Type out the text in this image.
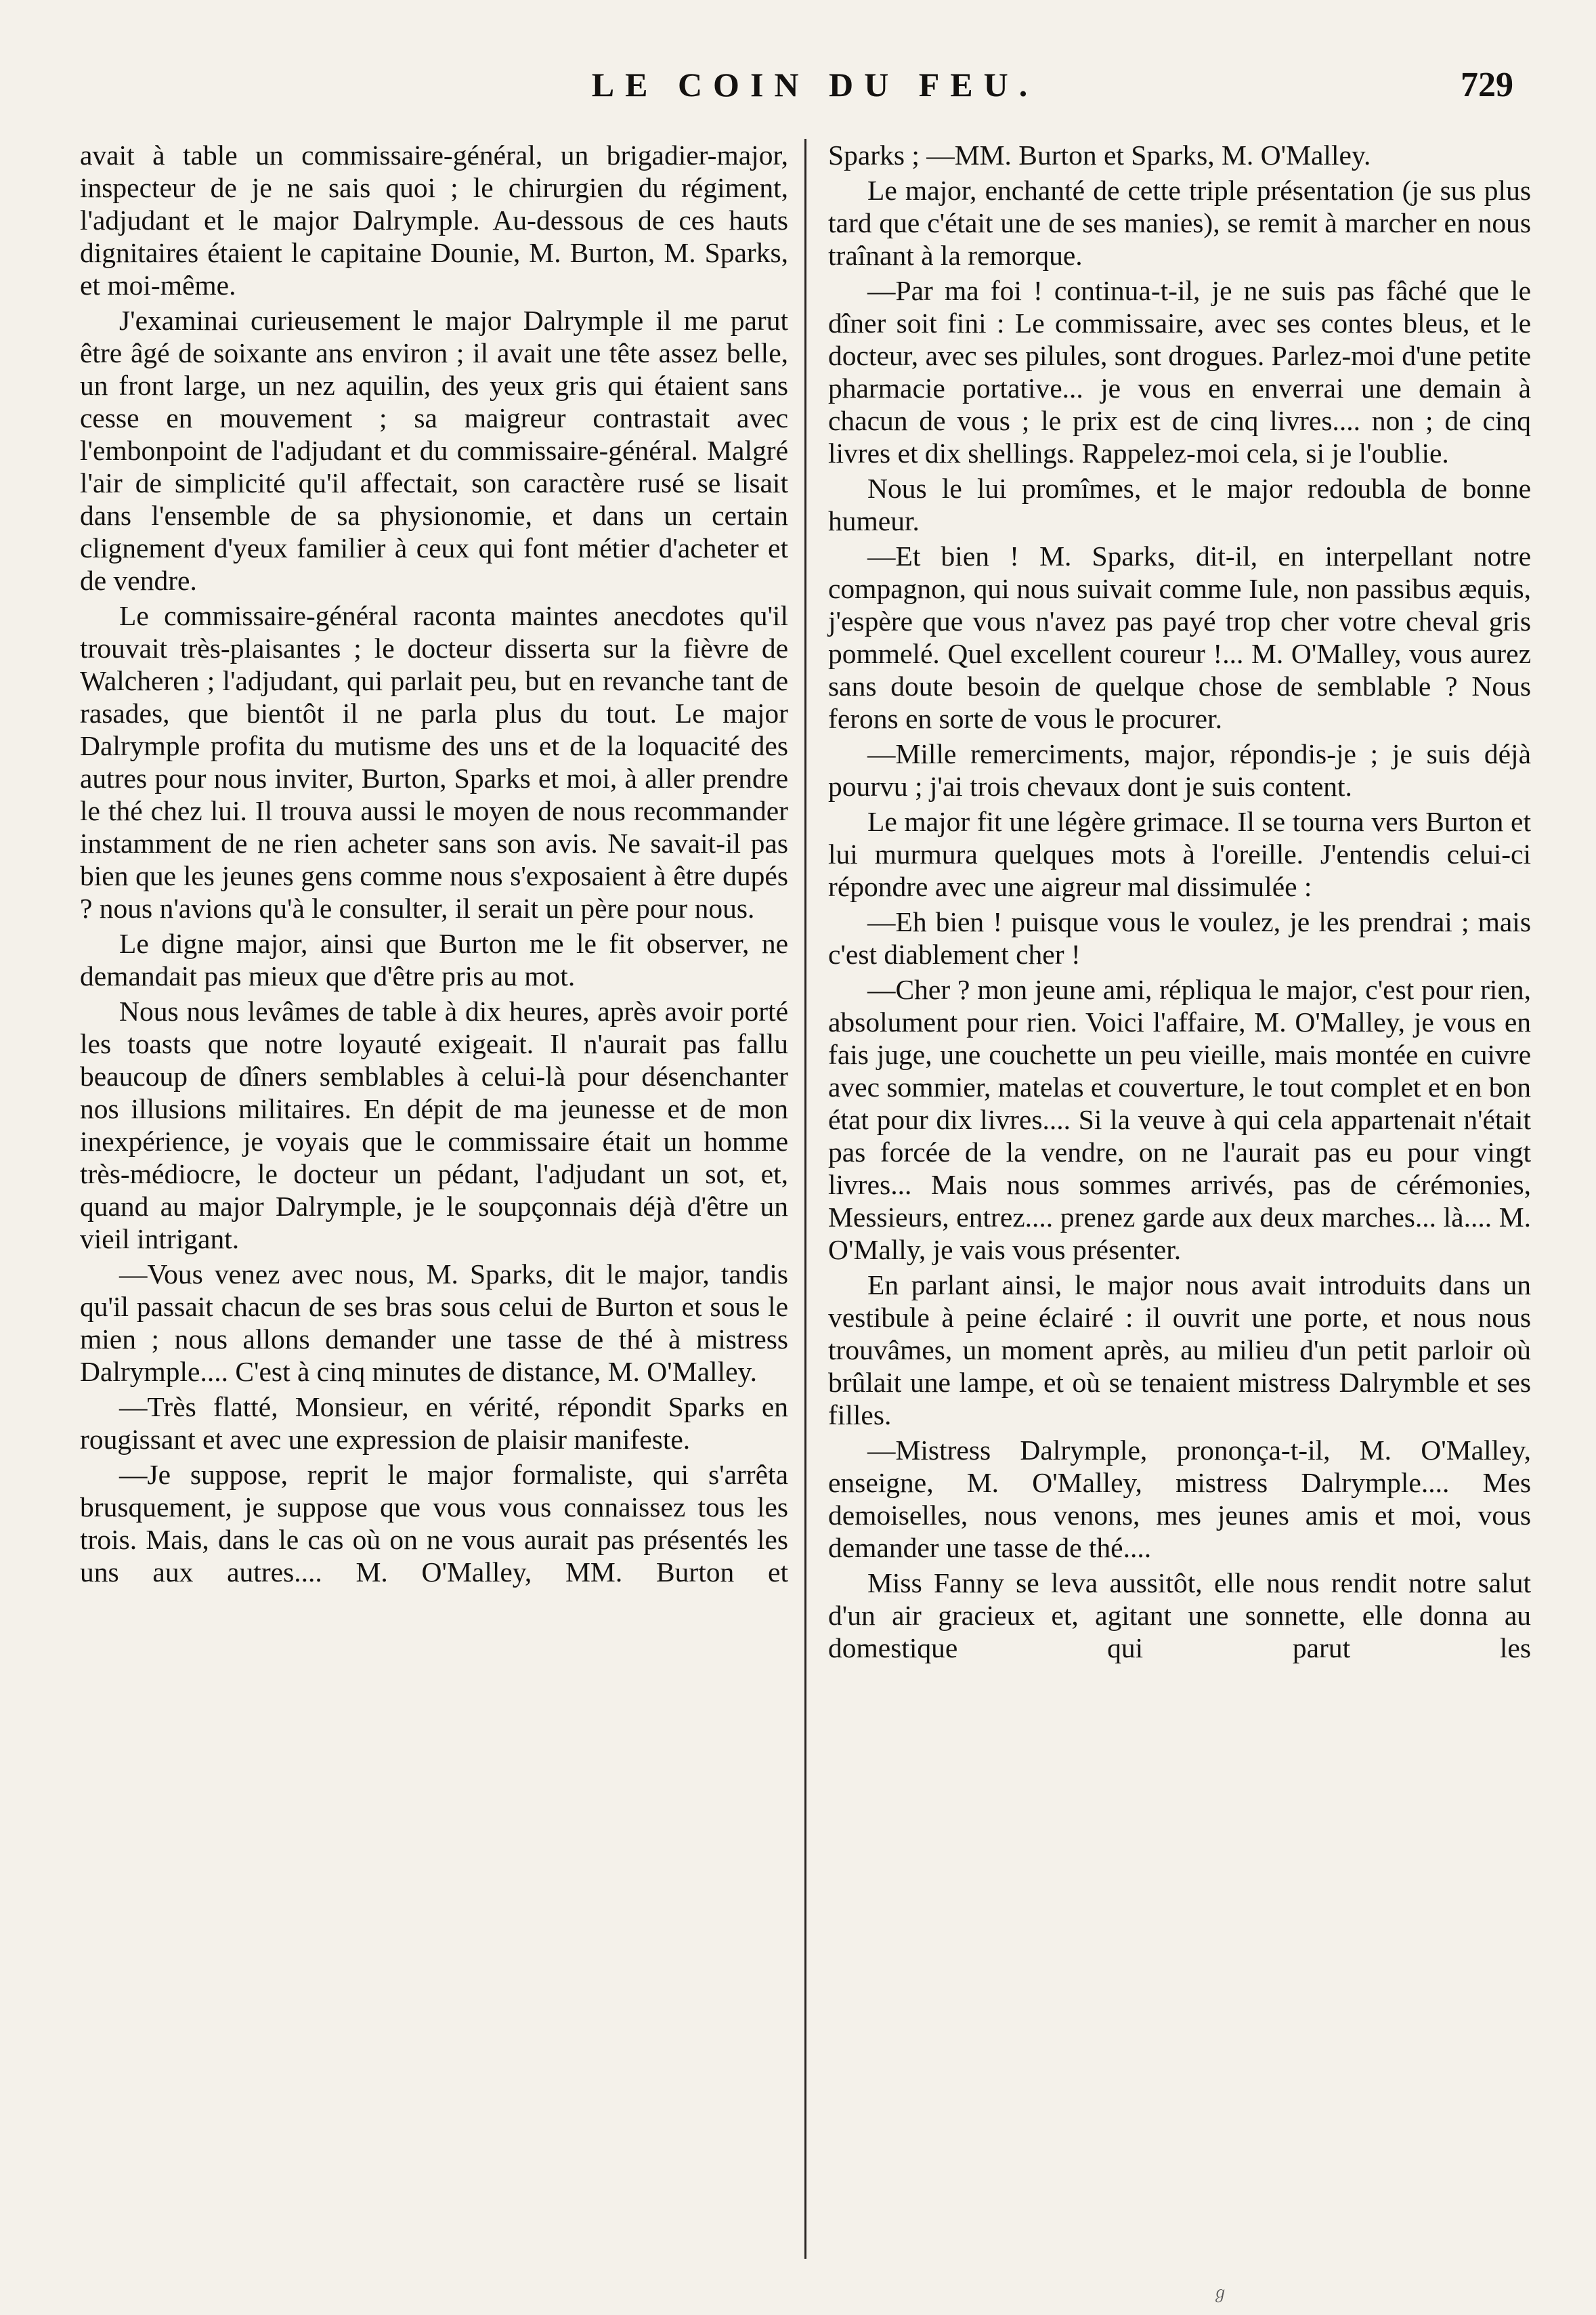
LE COIN DU FEU.	729

avait à table un commissaire-général, un brigadier-major, inspecteur de je ne sais quoi ; le chirurgien du régiment, l'adjudant et le major Dalrymple. Au-dessous de ces hauts dignitaires étaient le capitaine Dounie, M. Burton, M. Sparks, et moi-même.

J'examinai curieusement le major Dalrymple il me parut être âgé de soixante ans environ ; il avait une tête assez belle, un front large, un nez aquilin, des yeux gris qui étaient sans cesse en mouvement ; sa maigreur contrastait avec l'embonpoint de l'adjudant et du commissaire-général. Malgré l'air de simplicité qu'il affectait, son caractère rusé se lisait dans l'ensemble de sa physionomie, et dans un certain clignement d'yeux familier à ceux qui font métier d'acheter et de vendre.

Le commissaire-général raconta maintes anecdotes qu'il trouvait très-plaisantes ; le docteur disserta sur la fièvre de Walcheren ; l'adjudant, qui parlait peu, but en revanche tant de rasades, que bientôt il ne parla plus du tout. Le major Dalrymple profita du mutisme des uns et de la loquacité des autres pour nous inviter, Burton, Sparks et moi, à aller prendre le thé chez lui. Il trouva aussi le moyen de nous recommander instamment de ne rien acheter sans son avis. Ne savait-il pas bien que les jeunes gens comme nous s'exposaient à être dupés ? nous n'avions qu'à le consulter, il serait un père pour nous.

Le digne major, ainsi que Burton me le fit observer, ne demandait pas mieux que d'être pris au mot.

Nous nous levâmes de table à dix heures, après avoir porté les toasts que notre loyauté exigeait. Il n'aurait pas fallu beaucoup de dîners semblables à celui-là pour désenchanter nos illusions militaires. En dépit de ma jeunesse et de mon inexpérience, je voyais que le commissaire était un homme très-médiocre, le docteur un pédant, l'adjudant un sot, et, quand au major Dalrymple, je le soupçonnais déjà d'être un vieil intrigant.

—Vous venez avec nous, M. Sparks, dit le major, tandis qu'il passait chacun de ses bras sous celui de Burton et sous le mien ; nous allons demander une tasse de thé à mistress Dalrymple.... C'est à cinq minutes de distance, M. O'Malley.

—Très flatté, Monsieur, en vérité, répondit Sparks en rougissant et avec une expression de plaisir manifeste.

—Je suppose, reprit le major formaliste, qui s'arrêta brusquement, je suppose que vous vous connaissez tous les trois. Mais, dans le cas où on ne vous aurait pas présentés les uns aux autres.... M. O'Malley, MM. Burton et

Sparks ; —MM. Burton et Sparks, M. O'Malley.

Le major, enchanté de cette triple présentation (je sus plus tard que c'était une de ses manies), se remit à marcher en nous traînant à la remorque.

—Par ma foi ! continua-t-il, je ne suis pas fâché que le dîner soit fini : Le commissaire, avec ses contes bleus, et le docteur, avec ses pilules, sont drogues. Parlez-moi d'une petite pharmacie portative... je vous en enverrai une demain à chacun de vous ; le prix est de cinq livres.... non ; de cinq livres et dix shellings. Rappelez-moi cela, si je l'oublie.

Nous le lui promîmes, et le major redoubla de bonne humeur.

—Et bien ! M. Sparks, dit-il, en interpellant notre compagnon, qui nous suivait comme Iule, non passibus æquis, j'espère que vous n'avez pas payé trop cher votre cheval gris pommelé. Quel excellent coureur !... M. O'Malley, vous aurez sans doute besoin de quelque chose de semblable ? Nous ferons en sorte de vous le procurer.

—Mille remerciments, major, répondis-je ; je suis déjà pourvu ; j'ai trois chevaux dont je suis content.

Le major fit une légère grimace. Il se tourna vers Burton et lui murmura quelques mots à l'oreille. J'entendis celui-ci répondre avec une aigreur mal dissimulée :

—Eh bien ! puisque vous le voulez, je les prendrai ; mais c'est diablement cher !

—Cher ? mon jeune ami, répliqua le major, c'est pour rien, absolument pour rien. Voici l'affaire, M. O'Malley, je vous en fais juge, une couchette un peu vieille, mais montée en cuivre avec sommier, matelas et couverture, le tout complet et en bon état pour dix livres.... Si la veuve à qui cela appartenait n'était pas forcée de la vendre, on ne l'aurait pas eu pour vingt livres... Mais nous sommes arrivés, pas de cérémonies, Messieurs, entrez.... prenez garde aux deux marches... là.... M. O'Mally, je vais vous présenter.

En parlant ainsi, le major nous avait introduits dans un vestibule à peine éclairé : il ouvrit une porte, et nous nous trouvâmes, un moment après, au milieu d'un petit parloir où brûlait une lampe, et où se tenaient mistress Dalrymble et ses filles.

—Mistress Dalrymple, prononça-t-il, M. O'Malley, enseigne, M. O'Malley, mistress Dalrymple.... Mes demoiselles, nous venons, mes jeunes amis et moi, vous demander une tasse de thé....

Miss Fanny se leva aussitôt, elle nous rendit notre salut d'un air gracieux et, agitant une sonnette, elle donna au domestique qui parut les

ℊ
